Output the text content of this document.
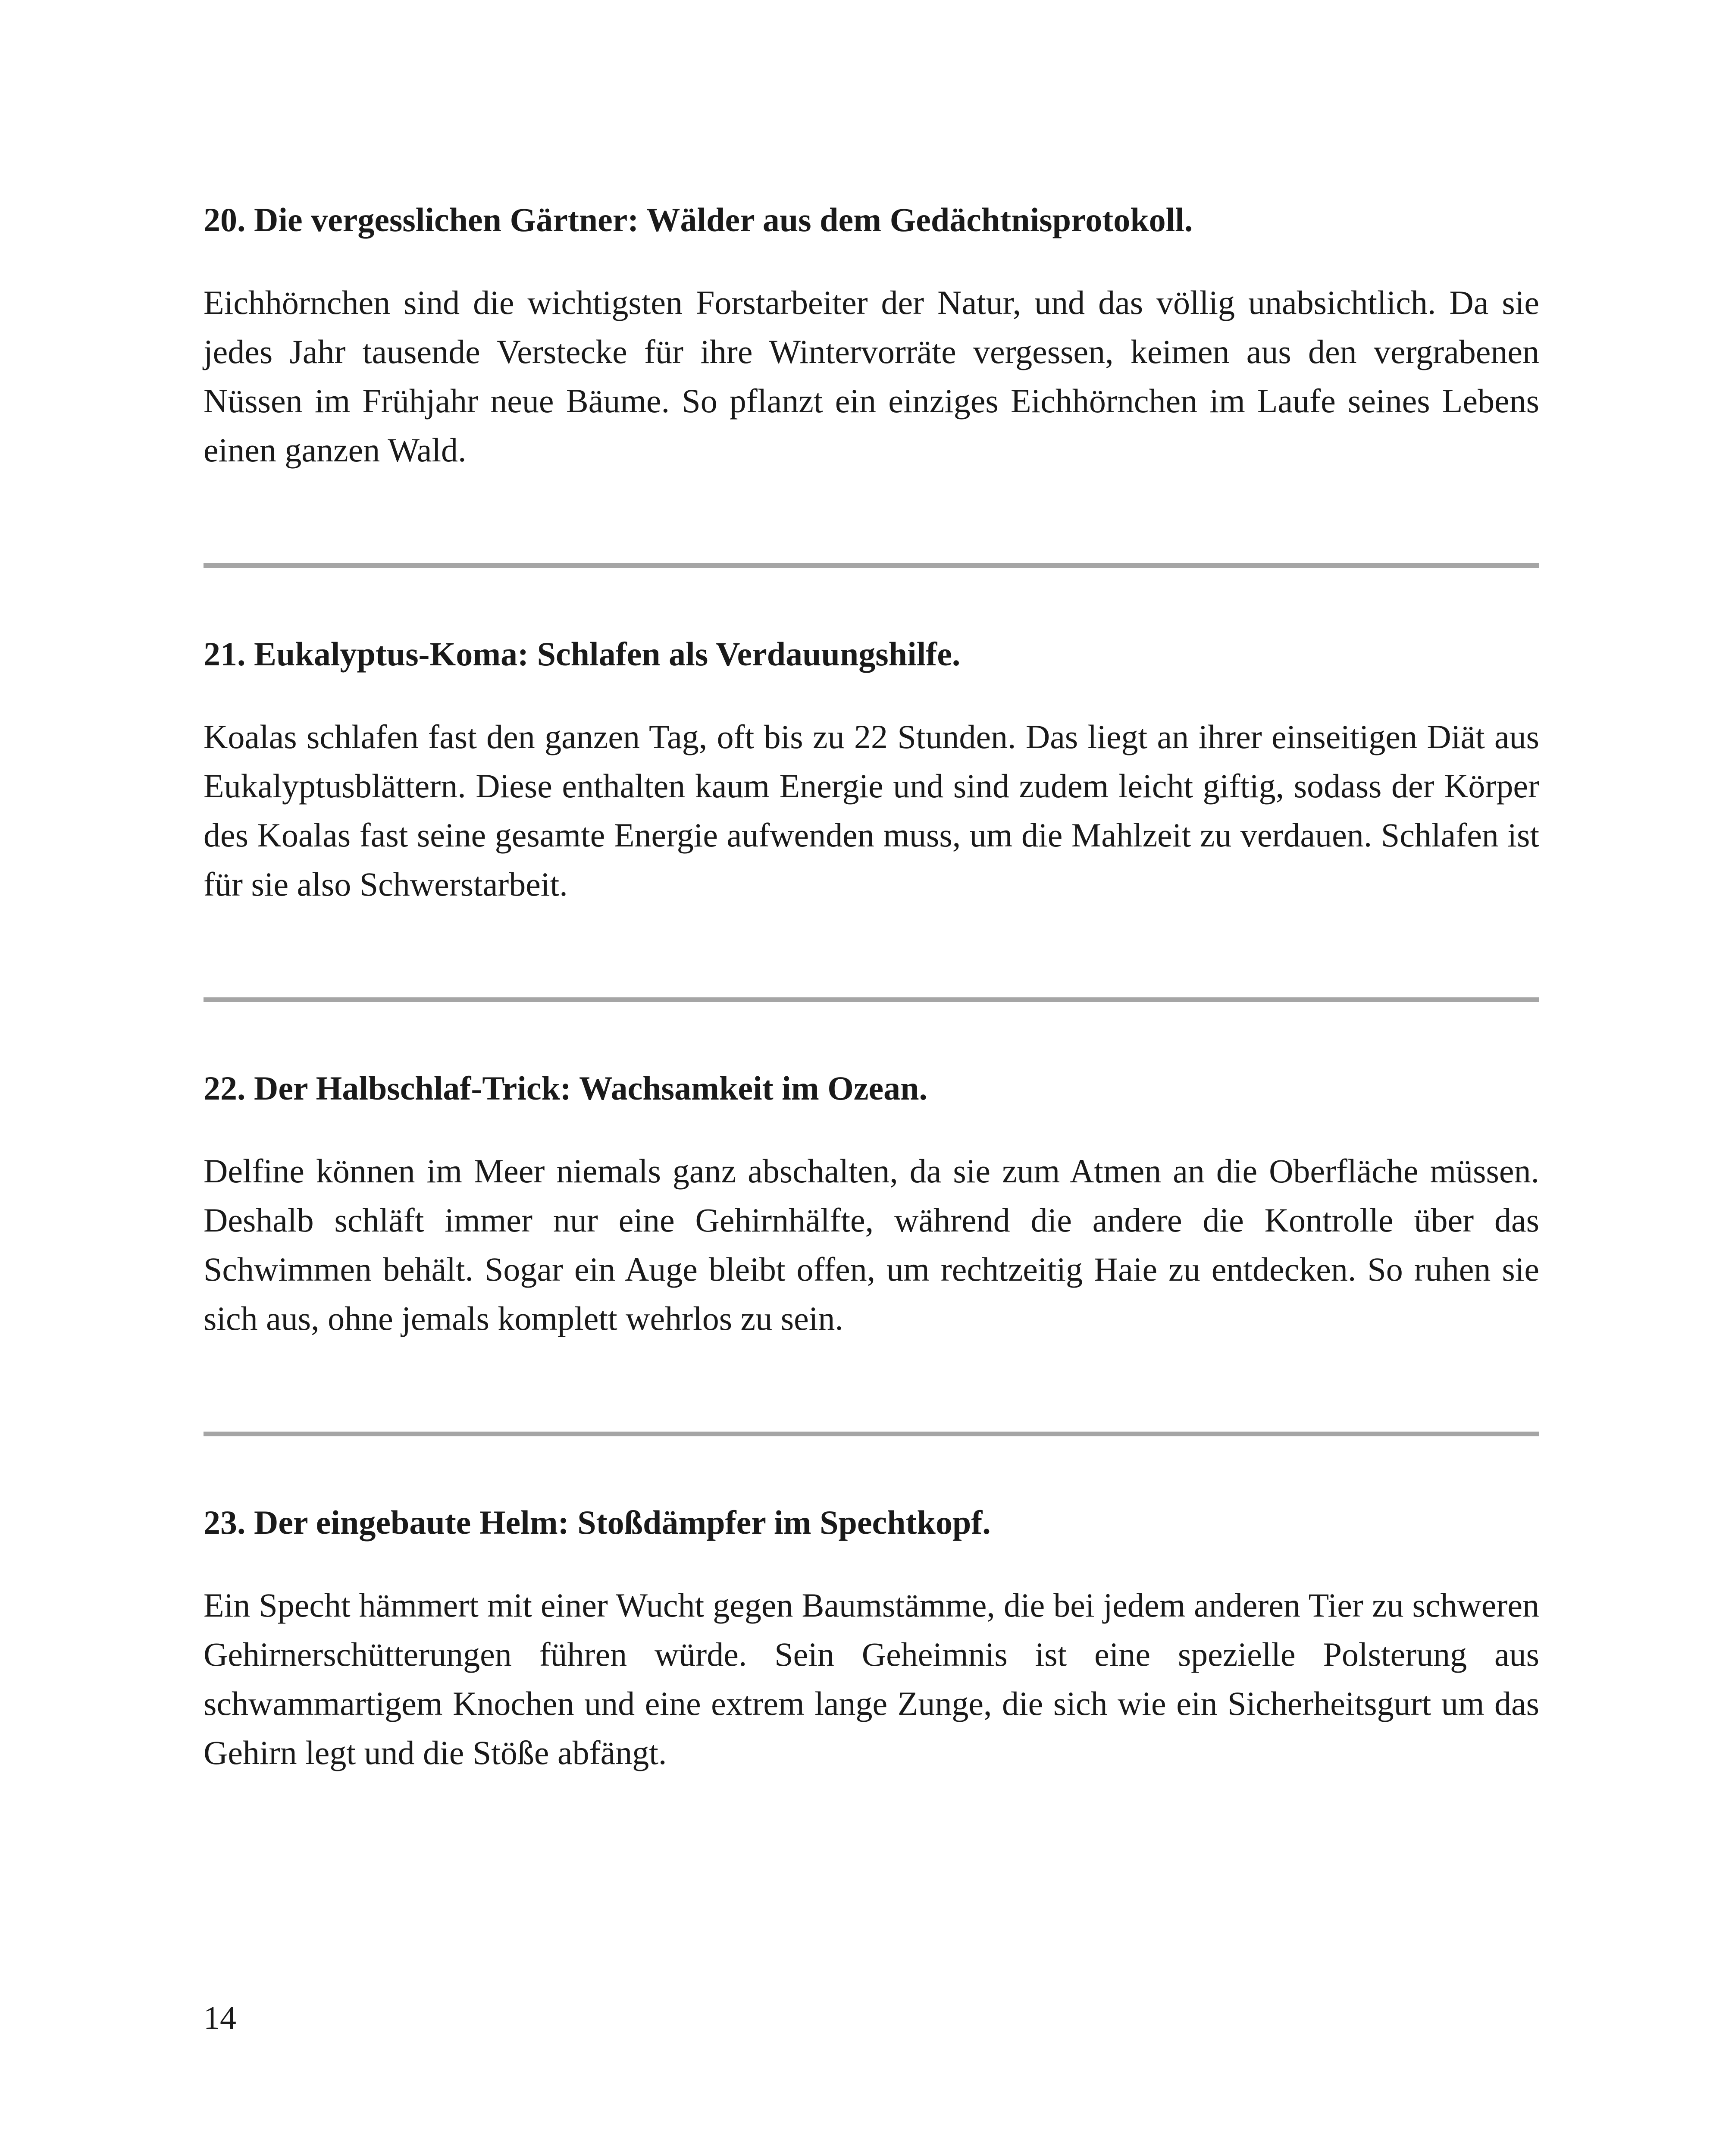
20. Die vergesslichen Gärtner: Wälder aus dem Gedächtnisprotokoll.

Eichhörnchen sind die wichtigsten Forstarbeiter der Natur, und das völlig unabsichtlich. Da sie jedes Jahr tausende Verstecke für ihre Wintervorräte vergessen, keimen aus den vergrabenen Nüssen im Frühjahr neue Bäume. So pflanzt ein einziges Eichhörnchen im Laufe seines Lebens einen ganzen Wald.

21. Eukalyptus-Koma: Schlafen als Verdauungshilfe.

Koalas schlafen fast den ganzen Tag, oft bis zu 22 Stunden. Das liegt an ihrer einseitigen Diät aus Eukalyptusblättern. Diese enthalten kaum Energie und sind zudem leicht giftig, sodass der Körper des Koalas fast seine gesamte Energie aufwenden muss, um die Mahlzeit zu verdauen. Schlafen ist für sie also Schwerstarbeit.

22. Der Halbschlaf-Trick: Wachsamkeit im Ozean.

Delfine können im Meer niemals ganz abschalten, da sie zum Atmen an die Oberfläche müssen. Deshalb schläft immer nur eine Gehirnhälfte, während die andere die Kontrolle über das Schwimmen behält. Sogar ein Auge bleibt offen, um rechtzeitig Haie zu entdecken. So ruhen sie sich aus, ohne jemals komplett wehrlos zu sein.

23. Der eingebaute Helm: Stoßdämpfer im Spechtkopf.

Ein Specht hämmert mit einer Wucht gegen Baumstämme, die bei jedem anderen Tier zu schweren Gehirnerschütterungen führen würde. Sein Geheimnis ist eine spezielle Polsterung aus schwammartigem Knochen und eine extrem lange Zunge, die sich wie ein Sicherheitsgurt um das Gehirn legt und die Stöße abfängt.

14
